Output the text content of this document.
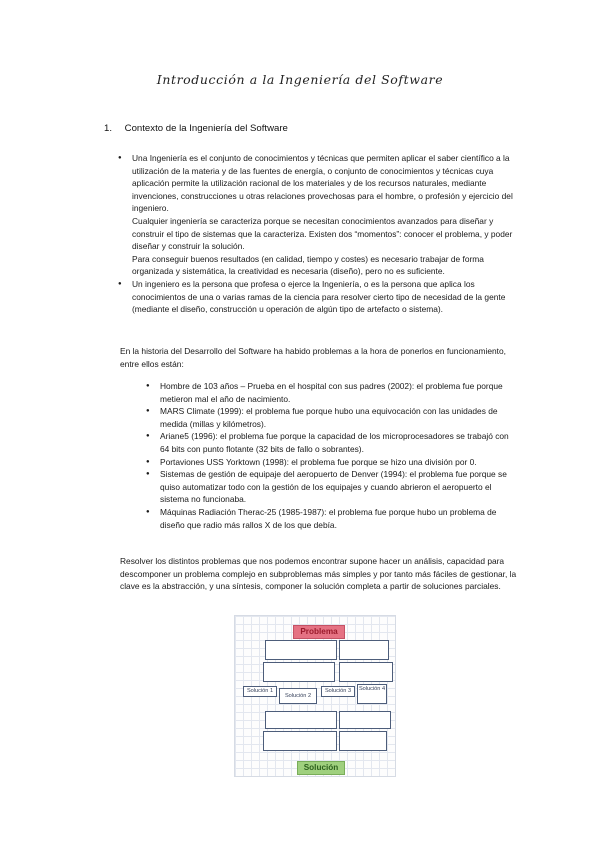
Introducción a la Ingeniería del Software
1. Contexto de la Ingeniería del Software

● Una Ingeniería es el conjunto de conocimientos y técnicas que permiten aplicar el saber científico a la utilización de la materia y de las fuentes de energía, o conjunto de conocimientos y técnicas cuya aplicación permite la utilización racional de los materiales y de los recursos naturales, mediante invenciones, construcciones u otras relaciones provechosas para el hombre, o profesión y ejercicio del ingeniero.

Cualquier ingeniería se caracteriza porque se necesitan conocimientos avanzados para diseñar y construir el tipo de sistemas que la caracteriza. Existen dos “momentos”: conocer el problema, y poder diseñar y construir la solución.

Para conseguir buenos resultados (en calidad, tiempo y costes) es necesario trabajar de forma organizada y sistemática, la creatividad es necesaria (diseño), pero no es suficiente.

● Un ingeniero es la persona que profesa o ejerce la Ingeniería, o es la persona que aplica los conocimientos de una o varias ramas de la ciencia para resolver cierto tipo de necesidad de la gente (mediante el diseño, construcción u operación de algún tipo de artefacto o sistema).

En la historia del Desarrollo del Software ha habido problemas a la hora de ponerlos en funcionamiento, entre ellos están:

● Hombre de 103 años – Prueba en el hospital con sus padres (2002): el problema fue porque metieron mal el año de nacimiento.
● MARS Climate (1999): el problema fue porque hubo una equivocación con las unidades de medida (millas y kilómetros).
● Ariane5 (1996): el problema fue porque la capacidad de los microprocesadores se trabajó con 64 bits con punto flotante (32 bits de fallo o sobrantes).
● Portaviones USS Yorktown (1998): el problema fue porque se hizo una división por 0.
● Sistemas de gestión de equipaje del aeropuerto de Denver (1994): el problema fue porque se quiso automatizar todo con la gestión de los equipajes y cuando abrieron el aeropuerto el sistema no funcionaba.
● Máquinas Radiación Therac-25 (1985-1987): el problema fue porque hubo un problema de diseño que radio más rallos X de los que debía.

Resolver los distintos problemas que nos podemos encontrar supone hacer un análisis, capacidad para descomponer un problema complejo en subproblemas más simples y por tanto más fáciles de gestionar, la clave es la abstracción, y una síntesis, componer la solución completa a partir de soluciones parciales.

Problema
Solución 1
Solución 2
Solución 3	Solución 4
Solución
